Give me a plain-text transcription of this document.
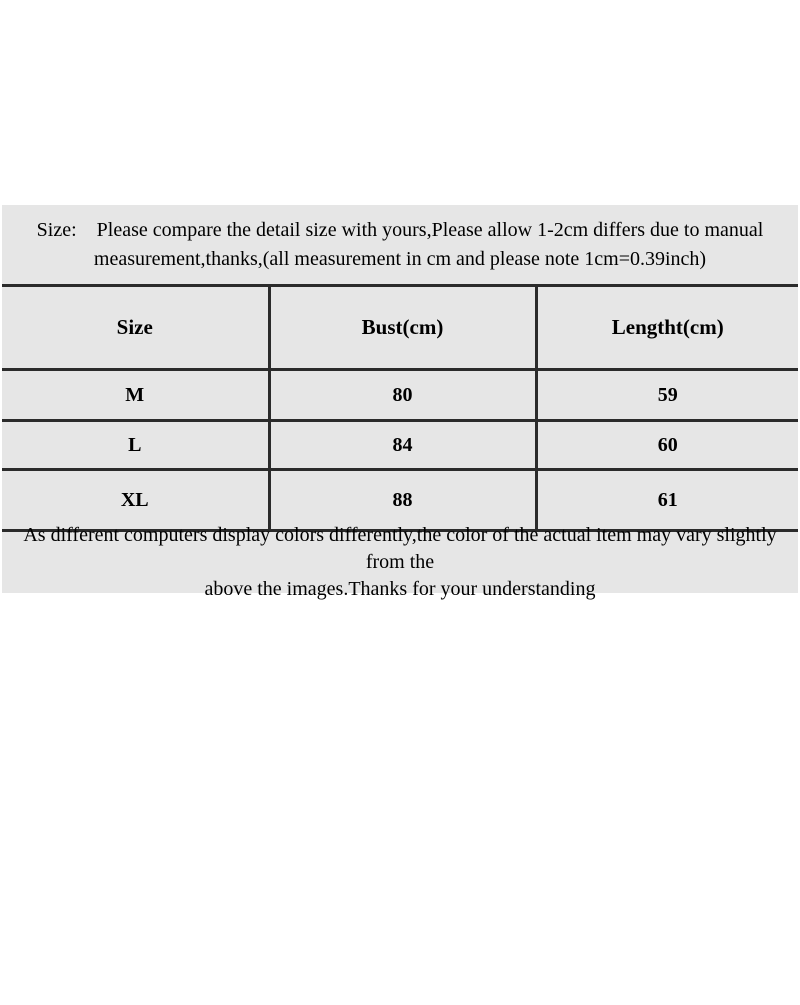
Size: Please compare the detail size with yours,Please allow 1-2cm differs due to manual
measurement,thanks,(all measurement in cm and please note 1cm=0.39inch)
Size	Bust(cm)	Lengtht(cm)
M	80	59
L	84	60
XL	88	61
As different computers display colors differently,the color of the actual item may vary slightly from the
above the images.Thanks for your understanding
